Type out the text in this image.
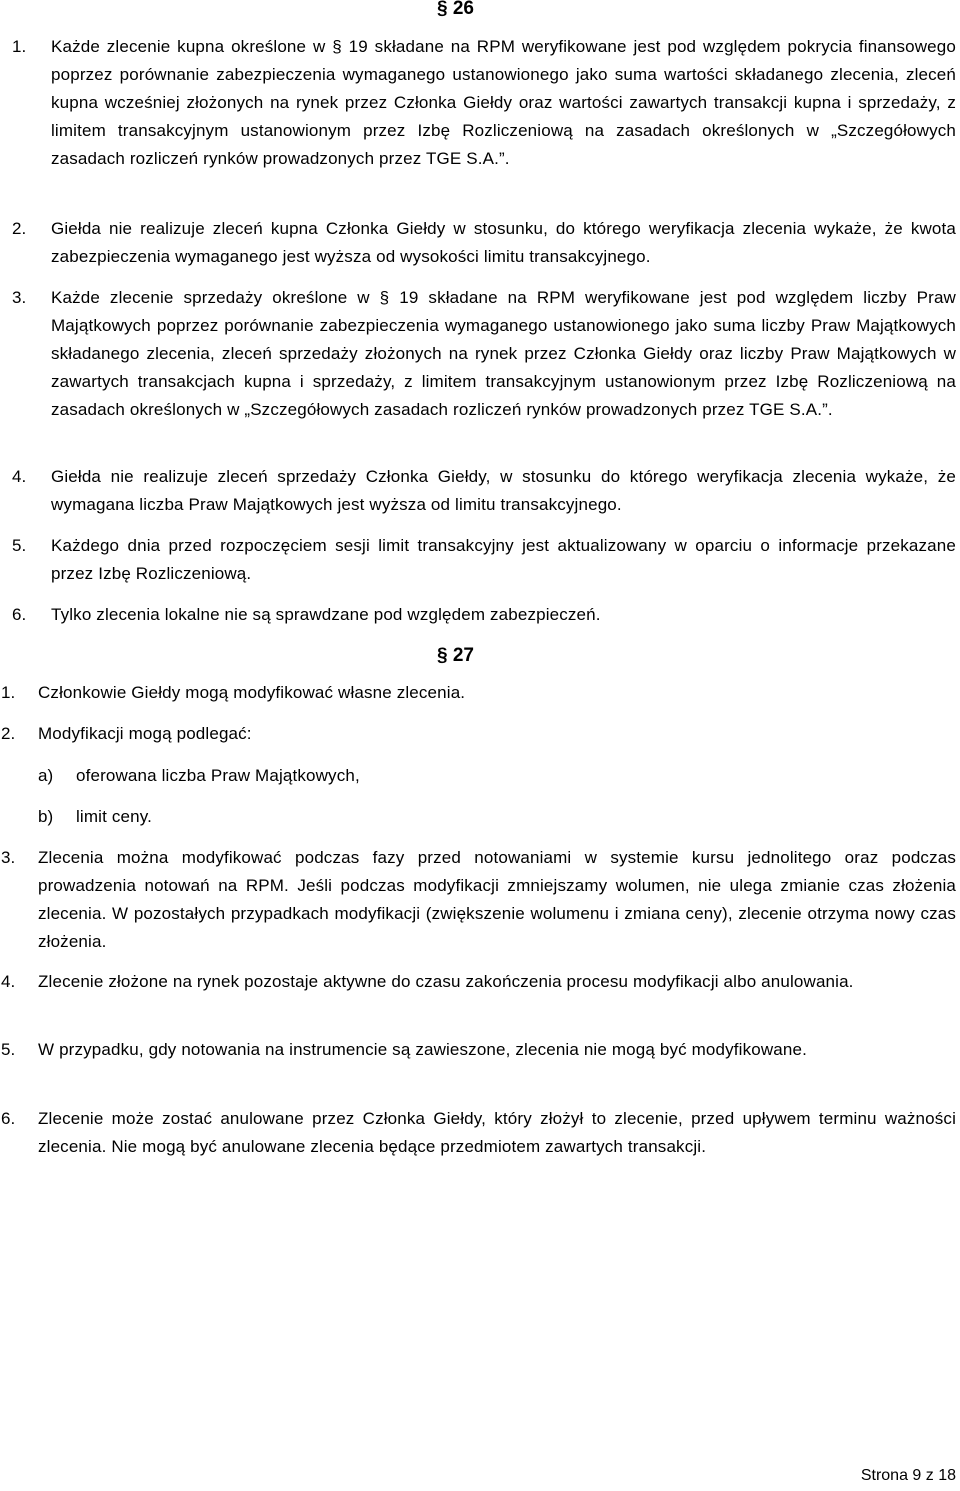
§ 26
1. Każde zlecenie kupna określone w § 19 składane na RPM weryfikowane jest pod względem pokrycia finansowego poprzez porównanie zabezpieczenia wymaganego ustanowionego jako suma wartości składanego zlecenia, zleceń kupna wcześniej złożonych na rynek przez Członka Giełdy oraz wartości zawartych transakcji kupna i sprzedaży, z limitem transakcyjnym ustanowionym przez Izbę Rozliczeniową na zasadach określonych w „Szczegółowych zasadach rozliczeń rynków prowadzonych przez TGE S.A.”.

2. Giełda nie realizuje zleceń kupna Członka Giełdy w stosunku, do którego weryfikacja zlecenia wykaże, że kwota zabezpieczenia wymaganego jest wyższa od wysokości limitu transakcyjnego.

3. Każde zlecenie sprzedaży określone w § 19 składane na RPM weryfikowane jest pod względem liczby Praw Majątkowych poprzez porównanie zabezpieczenia wymaganego ustanowionego jako suma liczby Praw Majątkowych składanego zlecenia, zleceń sprzedaży złożonych na rynek przez Członka Giełdy oraz liczby Praw Majątkowych w zawartych transakcjach kupna i sprzedaży, z limitem transakcyjnym ustanowionym przez Izbę Rozliczeniową na zasadach określonych w „Szczegółowych zasadach rozliczeń rynków prowadzonych przez TGE S.A.”.

4. Giełda nie realizuje zleceń sprzedaży Członka Giełdy, w stosunku do którego weryfikacja zlecenia wykaże, że wymagana liczba Praw Majątkowych jest wyższa od limitu transakcyjnego.

5. Każdego dnia przed rozpoczęciem sesji limit transakcyjny jest aktualizowany w oparciu o informacje przekazane przez Izbę Rozliczeniową.

6. Tylko zlecenia lokalne nie są sprawdzane pod względem zabezpieczeń.

§ 27
1. Członkowie Giełdy mogą modyfikować własne zlecenia.

2. Modyfikacji mogą podlegać:

a) oferowana liczba Praw Majątkowych,

b) limit ceny.

3. Zlecenia można modyfikować podczas fazy przed notowaniami w systemie kursu jednolitego oraz podczas prowadzenia notowań na RPM. Jeśli podczas modyfikacji zmniejszamy wolumen, nie ulega zmianie czas złożenia zlecenia. W pozostałych przypadkach modyfikacji (zwiększenie wolumenu i zmiana ceny), zlecenie otrzyma nowy czas złożenia.

4. Zlecenie złożone na rynek pozostaje aktywne do czasu zakończenia procesu modyfikacji albo anulowania.

5. W przypadku, gdy notowania na instrumencie są zawieszone, zlecenia nie mogą być modyfikowane.

6. Zlecenie może zostać anulowane przez Członka Giełdy, który złożył to zlecenie, przed upływem terminu ważności zlecenia. Nie mogą być anulowane zlecenia będące przedmiotem zawartych transakcji.

Strona 9 z 18
